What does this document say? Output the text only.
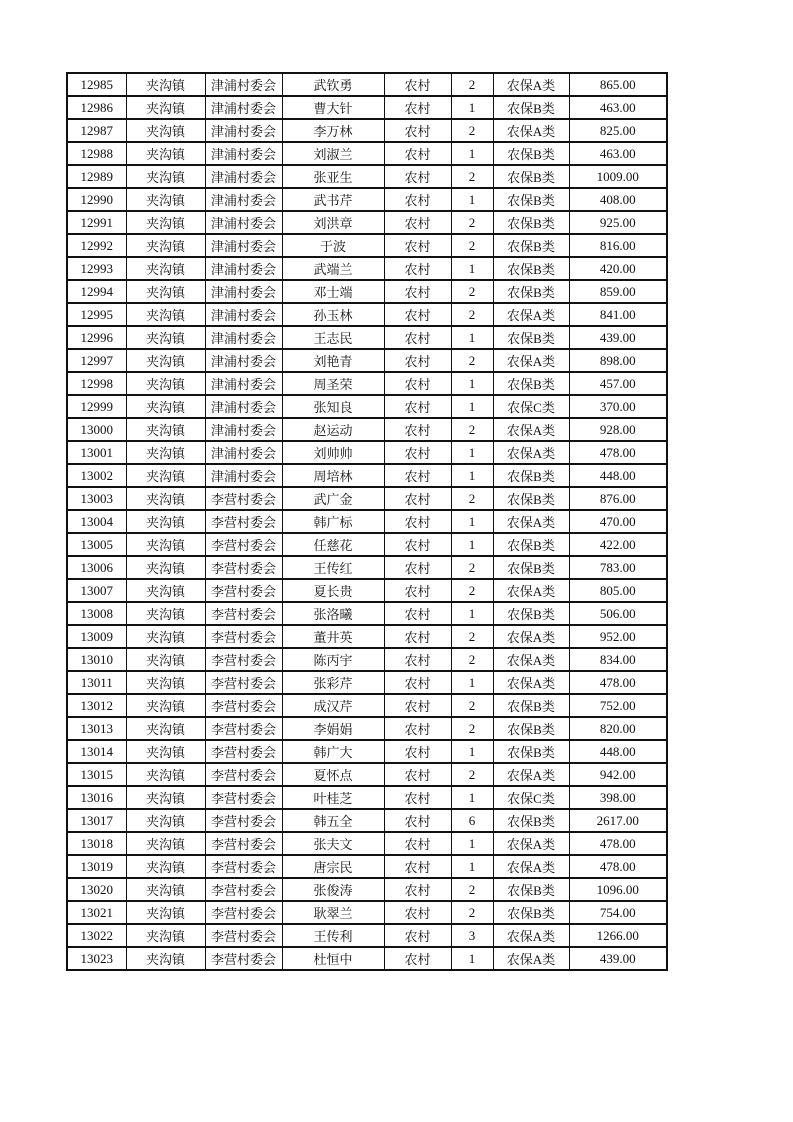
12985	夹沟镇	津浦村委会	武钦勇	农村	2	农保A类	865.00
12986	夹沟镇	津浦村委会	曹大针	农村	1	农保B类	463.00
12987	夹沟镇	津浦村委会	李万林	农村	2	农保A类	825.00
12988	夹沟镇	津浦村委会	刘淑兰	农村	1	农保B类	463.00
12989	夹沟镇	津浦村委会	张亚生	农村	2	农保B类	1009.00
12990	夹沟镇	津浦村委会	武书芹	农村	1	农保B类	408.00
12991	夹沟镇	津浦村委会	刘洪章	农村	2	农保B类	925.00
12992	夹沟镇	津浦村委会	于波	农村	2	农保B类	816.00
12993	夹沟镇	津浦村委会	武端兰	农村	1	农保B类	420.00
12994	夹沟镇	津浦村委会	邓士端	农村	2	农保B类	859.00
12995	夹沟镇	津浦村委会	孙玉林	农村	2	农保A类	841.00
12996	夹沟镇	津浦村委会	王志民	农村	1	农保B类	439.00
12997	夹沟镇	津浦村委会	刘艳青	农村	2	农保A类	898.00
12998	夹沟镇	津浦村委会	周圣荣	农村	1	农保B类	457.00
12999	夹沟镇	津浦村委会	张知良	农村	1	农保C类	370.00
13000	夹沟镇	津浦村委会	赵运动	农村	2	农保A类	928.00
13001	夹沟镇	津浦村委会	刘帅帅	农村	1	农保A类	478.00
13002	夹沟镇	津浦村委会	周培林	农村	1	农保B类	448.00
13003	夹沟镇	李营村委会	武广金	农村	2	农保B类	876.00
13004	夹沟镇	李营村委会	韩广标	农村	1	农保A类	470.00
13005	夹沟镇	李营村委会	任慈花	农村	1	农保B类	422.00
13006	夹沟镇	李营村委会	王传红	农村	2	农保B类	783.00
13007	夹沟镇	李营村委会	夏长贵	农村	2	农保A类	805.00
13008	夹沟镇	李营村委会	张洛曦	农村	1	农保B类	506.00
13009	夹沟镇	李营村委会	董井英	农村	2	农保A类	952.00
13010	夹沟镇	李营村委会	陈丙宇	农村	2	农保A类	834.00
13011	夹沟镇	李营村委会	张彩芹	农村	1	农保A类	478.00
13012	夹沟镇	李营村委会	成汉芹	农村	2	农保B类	752.00
13013	夹沟镇	李营村委会	李娟娟	农村	2	农保B类	820.00
13014	夹沟镇	李营村委会	韩广大	农村	1	农保B类	448.00
13015	夹沟镇	李营村委会	夏怀点	农村	2	农保A类	942.00
13016	夹沟镇	李营村委会	叶桂芝	农村	1	农保C类	398.00
13017	夹沟镇	李营村委会	韩五全	农村	6	农保B类	2617.00
13018	夹沟镇	李营村委会	张夫文	农村	1	农保A类	478.00
13019	夹沟镇	李营村委会	唐宗民	农村	1	农保A类	478.00
13020	夹沟镇	李营村委会	张俊涛	农村	2	农保B类	1096.00
13021	夹沟镇	李营村委会	耿翠兰	农村	2	农保B类	754.00
13022	夹沟镇	李营村委会	王传利	农村	3	农保A类	1266.00
13023	夹沟镇	李营村委会	杜恒中	农村	1	农保A类	439.00
